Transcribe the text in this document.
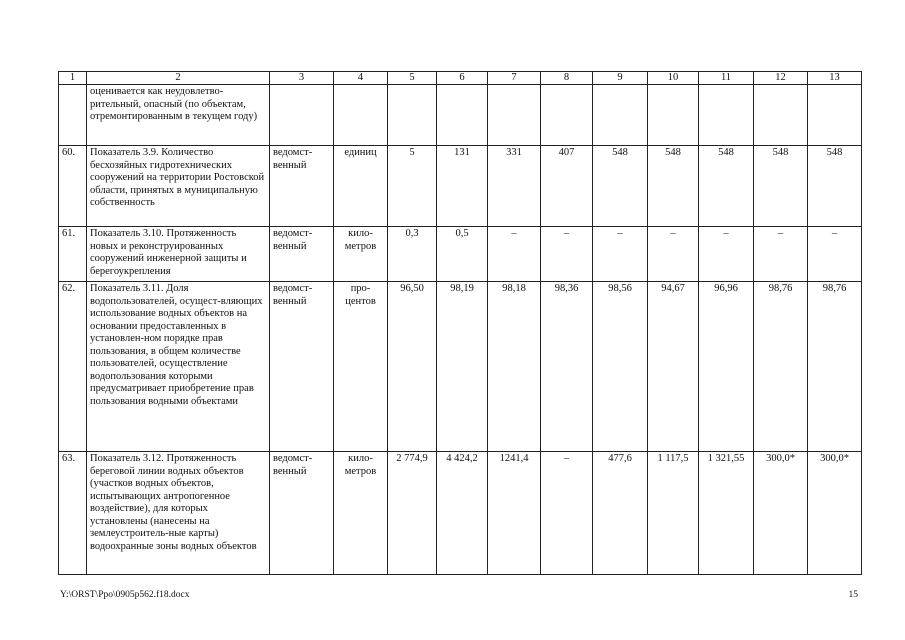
1	2	3	4	5	6	7	8	9	10	11	12	13
	оценивается как неудовлетво-рительный, опасный (по объектам, отремонтированным в текущем году)											
60.	Показатель 3.9. Количество бесхозяйных гидротехнических сооружений на территории Ростовской области, принятых в муниципальную собственность	ведомст-венный	единиц	5	131	331	407	548	548	548	548	548
61.	Показатель 3.10. Протяженность новых и реконструированных сооружений инженерной защиты и берегоукрепления	ведомст-венный	кило-метров	0,3	0,5	–	–	–	–	–	–	–
62.	Показатель 3.11. Доля водопользователей, осущест-вляющих использование водных объектов на основании предоставленных в установлен-ном порядке прав пользования, в общем количестве пользователей, осуществление водопользования которыми предусматривает приобретение прав пользования водными объектами	ведомст-венный	про-центов	96,50	98,19	98,18	98,36	98,56	94,67	96,96	98,76	98,76
63.	Показатель 3.12. Протяженность береговой линии водных объектов (участков водных объектов, испытывающих антропогенное воздействие), для которых установлены (нанесены на землеустроитель-ные карты) водоохранные зоны водных объектов	ведомст-венный	кило-метров	2 774,9	4 424,2	1241,4	–	477,6	1 117,5	1 321,55	300,0*	300,0*
Y:\ORST\Ppo\0905p562.f18.docx	15
